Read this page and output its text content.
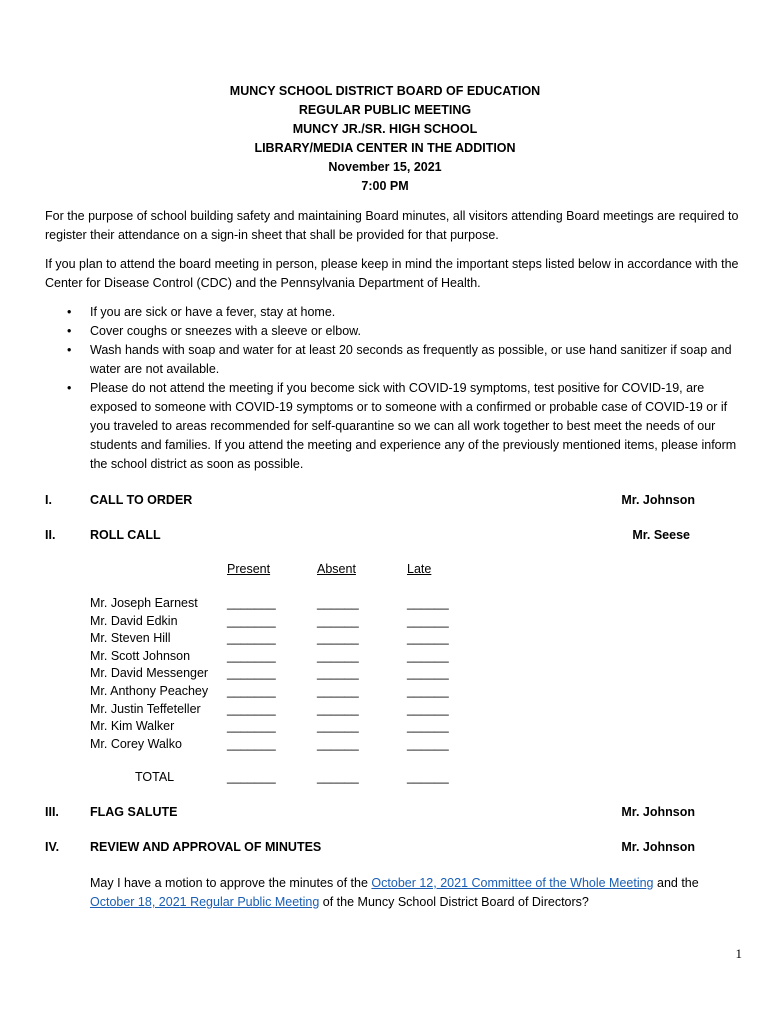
MUNCY SCHOOL DISTRICT BOARD OF EDUCATION
REGULAR PUBLIC MEETING
MUNCY JR./SR. HIGH SCHOOL
LIBRARY/MEDIA CENTER IN THE ADDITION
November 15, 2021
7:00 PM
For the purpose of school building safety and maintaining Board minutes, all visitors attending Board meetings are required to register their attendance on a sign-in sheet that shall be provided for that purpose.
If you plan to attend the board meeting in person, please keep in mind the important steps listed below in accordance with the Center for Disease Control (CDC) and the Pennsylvania Department of Health.
• If you are sick or have a fever, stay at home.
• Cover coughs or sneezes with a sleeve or elbow.
• Wash hands with soap and water for at least 20 seconds as frequently as possible, or use hand sanitizer if soap and water are not available.
• Please do not attend the meeting if you become sick with COVID-19 symptoms, test positive for COVID-19, are exposed to someone with COVID-19 symptoms or to someone with a confirmed or probable case of COVID-19 or if you traveled to areas recommended for self-quarantine so we can all work together to best meet the needs of our students and families. If you attend the meeting and experience any of the previously mentioned items, please inform the school district as soon as possible.
I.	CALL TO ORDER	Mr. Johnson
II.	ROLL CALL	Mr. Seese
Present	Absent	Late
Mr. Joseph Earnest _______	______	______
Mr. David Edkin	_______	______	______
Mr. Steven Hill	_______	______	______
Mr. Scott Johnson	_______	______	______
Mr. David Messenger _______	______	______
Mr. Anthony Peachey _______	______	______
Mr. Justin Teffeteller _______	______	______
Mr. Kim Walker	_______	______	______
Mr. Corey Walko	_______	______	______
TOTAL	_______	______	______
III. FLAG SALUTE	Mr. Johnson
IV. REVIEW AND APPROVAL OF MINUTES	Mr. Johnson
May I have a motion to approve the minutes of the October 12, 2021 Committee of the Whole Meeting and the October 18, 2021 Regular Public Meeting of the Muncy School District Board of Directors?
1
